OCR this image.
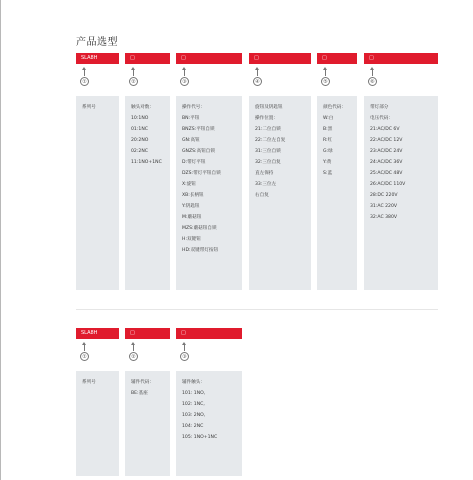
产品选型
SLA8H
①
系列号
□
②
触头对数：
10:1NO
01:1NC
20:2NO
02:2NC
11:1NO+1NC
□
③
操作代号：
BN:平钮
BNZS:平钮自锁
GN:高钮
GNZS:高钮自锁
D:带灯平钮
DZS:带灯平钮自锁
X:旋钮
XB:长柄钮
Y:钥匙钮
M:蘑菇钮
MZS:蘑菇钮自锁
H:双键钮
HD:双键带灯按钮
□
④
旋钮及钥匙钮
操作位置：
21:二位自锁
22:二位左自复
31:三位自锁
32:三位自复
直左保持
33:三位左
右自复
□
⑤
颜色代码：
W:白
B:黑
R:红
G:绿
Y:黄
S:蓝
□
⑥
带灯部分
电压代码：
21:AC/DC 6V
22:AC/DC 12V
23:AC/DC 24V
24:AC/DC 36V
25:AC/DC 48V
26:AC/DC 110V
28:DC 220V
31:AC 220V
32:AC 380V
SLA8H
①
系列号
□
②
辅件代码：
BE:基座
□
③
辅件触头：
101: 1NO,
102: 1NC,
103: 2NO,
104: 2NC
105: 1NO+1NC
